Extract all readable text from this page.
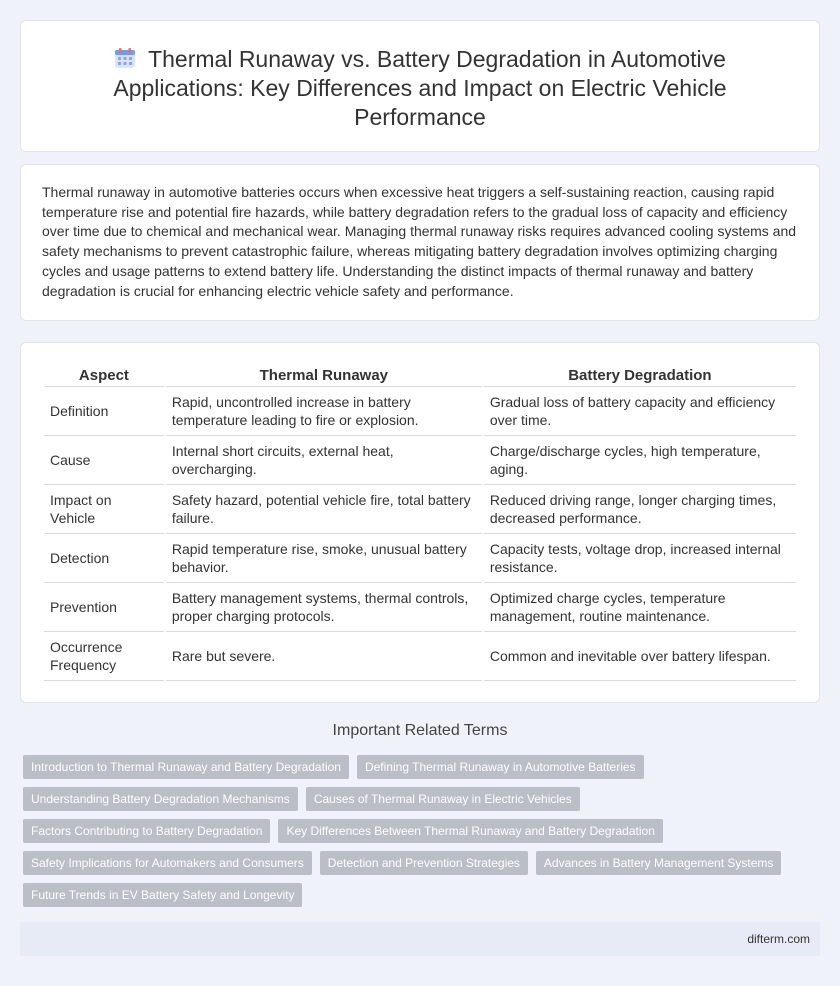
Thermal Runaway vs. Battery Degradation in Automotive Applications: Key Differences and Impact on Electric Vehicle Performance

Thermal runaway in automotive batteries occurs when excessive heat triggers a self-sustaining reaction, causing rapid temperature rise and potential fire hazards, while battery degradation refers to the gradual loss of capacity and efficiency over time due to chemical and mechanical wear. Managing thermal runaway risks requires advanced cooling systems and safety mechanisms to prevent catastrophic failure, whereas mitigating battery degradation involves optimizing charging cycles and usage patterns to extend battery life. Understanding the distinct impacts of thermal runaway and battery degradation is crucial for enhancing electric vehicle safety and performance.

Aspect	Thermal Runaway	Battery Degradation
Definition	Rapid, uncontrolled increase in battery temperature leading to fire or explosion.	Gradual loss of battery capacity and efficiency over time.
Cause	Internal short circuits, external heat, overcharging.	Charge/discharge cycles, high temperature, aging.
Impact on Vehicle	Safety hazard, potential vehicle fire, total battery failure.	Reduced driving range, longer charging times, decreased performance.
Detection	Rapid temperature rise, smoke, unusual battery behavior.	Capacity tests, voltage drop, increased internal resistance.
Prevention	Battery management systems, thermal controls, proper charging protocols.	Optimized charge cycles, temperature management, routine maintenance.
Occurrence Frequency	Rare but severe.	Common and inevitable over battery lifespan.
Important Related Terms
Introduction to Thermal Runaway and Battery Degradation	Defining Thermal Runaway in Automotive Batteries
Understanding Battery Degradation Mechanisms	Causes of Thermal Runaway in Electric Vehicles
Factors Contributing to Battery Degradation	Key Differences Between Thermal Runaway and Battery Degradation
Safety Implications for Automakers and Consumers	Detection and Prevention Strategies	Advances in Battery Management Systems
Future Trends in EV Battery Safety and Longevity
difterm.com
